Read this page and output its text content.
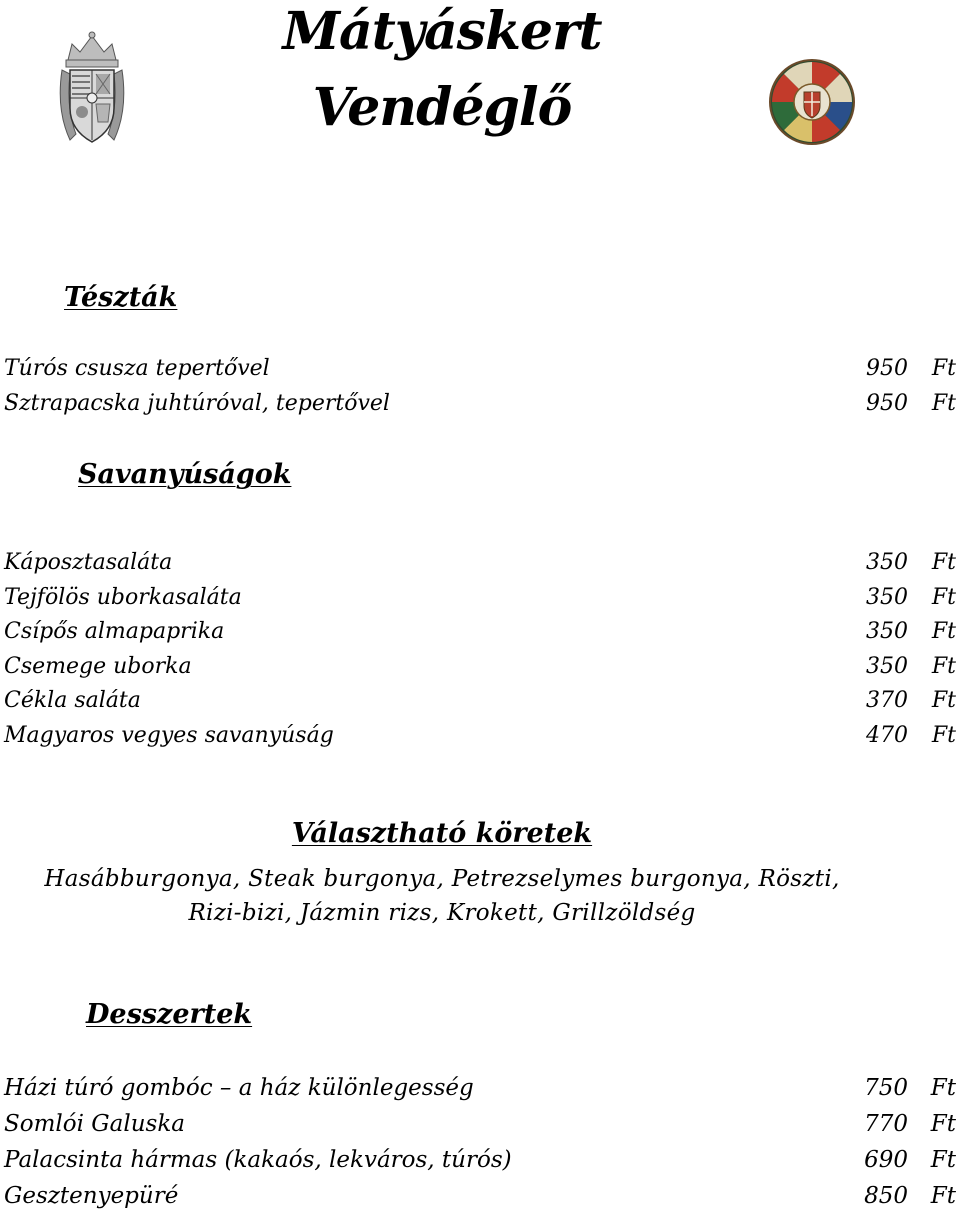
Mátyáskert
Vendéglő
Tészták
Túrós csusza tepertővel	950 Ft
Sztrapacska juhtúróval, tepertővel	950 Ft
Savanyúságok
Káposztasaláta	350 Ft
Tejfölös uborkasaláta	350 Ft
Csípős almapaprika	350 Ft
Csemege uborka	350 Ft
Cékla saláta	370 Ft
Magyaros vegyes savanyúság	470 Ft
Választható köretek

Hasábburgonya, Steak burgonya, Petrezselymes burgonya, Röszti,

Rizi-bizi, Jázmin rizs, Krokett, Grillzöldség

Desszertek
Házi túró gombóc – a ház különlegesség	750 Ft
Somlói Galuska	770 Ft
Palacsinta hármas (kakaós, lekváros, túrós)	690 Ft
Gesztenyepüré	850 Ft
